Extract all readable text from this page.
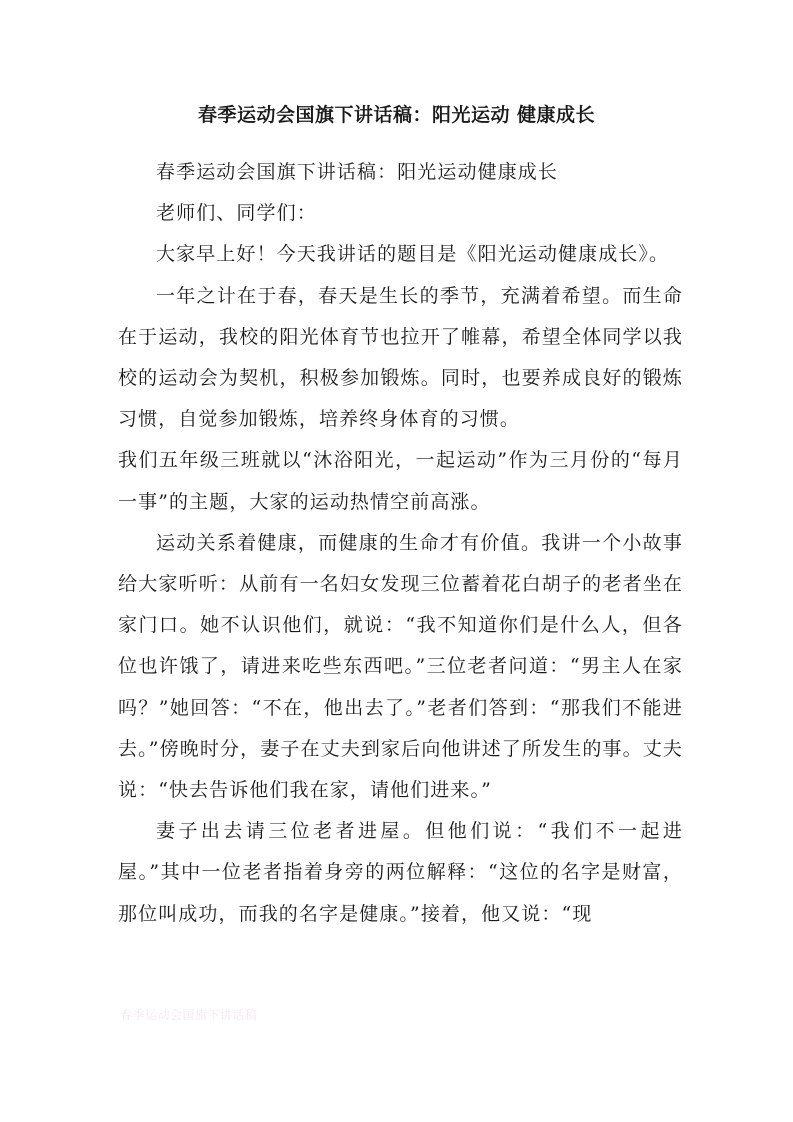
春季运动会国旗下讲话稿：阳光运动 健康成长

春季运动会国旗下讲话稿：阳光运动健康成长

老师们、同学们：

大家早上好！今天我讲话的题目是《阳光运动健康成长》。

一年之计在于春，春天是生长的季节，充满着希望。而生命在于运动，我校的阳光体育节也拉开了帷幕，希望全体同学以我校的运动会为契机，积极参加锻炼。同时，也要养成良好的锻炼习惯，自觉参加锻炼，培养终身体育的习惯。

我们五年级三班就以“沐浴阳光，一起运动”作为三月份的“每月一事”的主题，大家的运动热情空前高涨。

运动关系着健康，而健康的生命才有价值。我讲一个小故事给大家听听：从前有一名妇女发现三位蓄着花白胡子的老者坐在家门口。她不认识他们，就说：“我不知道你们是什么人，但各位也许饿了，请进来吃些东西吧。”三位老者问道：“男主人在家吗？”她回答：“不在，他出去了。”老者们答到：“那我们不能进去。”傍晚时分，妻子在丈夫到家后向他讲述了所发生的事。丈夫说：“快去告诉他们我在家，请他们进来。”

妻子出去请三位老者进屋。但他们说：“我们不一起进屋。”其中一位老者指着身旁的两位解释：“这位的名字是财富，那位叫成功，而我的名字是健康。”接着，他又说：“现

春季运动会国旗下讲话稿
